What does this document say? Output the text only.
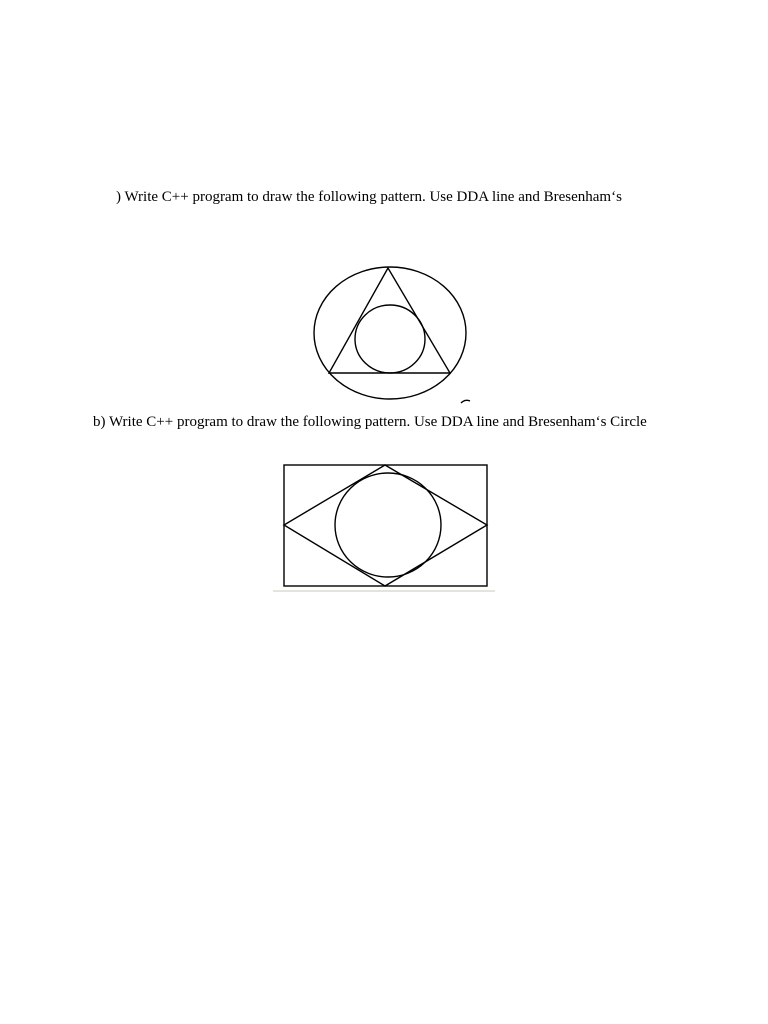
) Write C++ program to draw the following pattern. Use DDA line and Bresenham‘s

b) Write C++ program to draw the following pattern. Use DDA line and Bresenham‘s Circle
